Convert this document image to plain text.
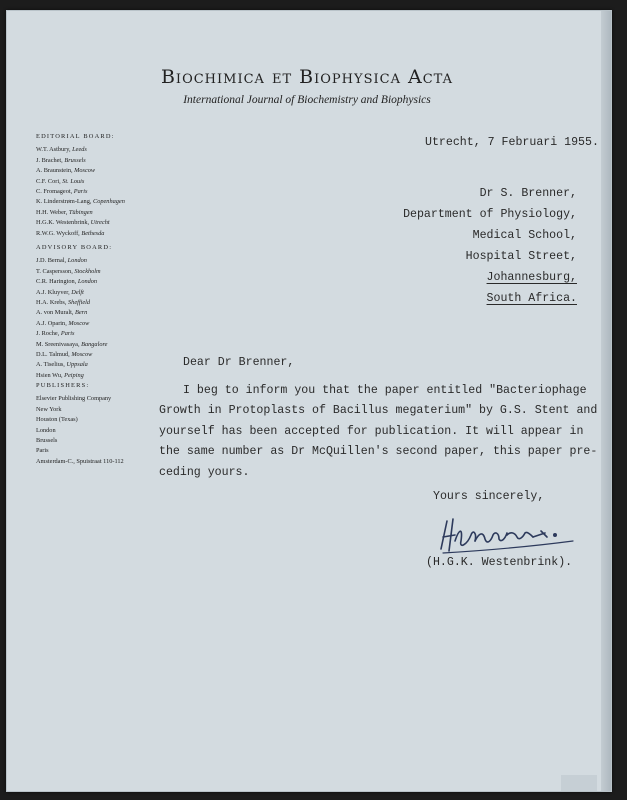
Biochimica et Biophysica Acta
International Journal of Biochemistry and Biophysics
EDITORIAL BOARD:
W.T. Astbury, Leeds
J. Brachet, Brussels
A. Braunstein, Moscow
C.F. Cori, St. Louis
C. Fromageot, Paris
K. Linderstrøm-Lang, Copenhagen
H.H. Weber, Tübingen
H.G.K. Westenbrink, Utrecht
R.W.G. Wyckoff, Bethesda
ADVISORY BOARD:
J.D. Bernal, London
T. Caspersson, Stockholm
C.R. Harington, London
A.J. Kluyver, Delft
H.A. Krebs, Sheffield
A. von Muralt, Bern
A.J. Oparin, Moscow
J. Roche, Paris
M. Sreenivasaya, Bangalore
D.L. Talmud, Moscow
A. Tiselius, Uppsala
Hsien Wu, Peiping
PUBLISHERS:
Elsevier Publishing Company
New York
Houston (Texas)
London
Brussels
Paris
Amsterdam-C., Spuistraat 110-112
Utrecht, 7 Februari 1955.
Dr S. Brenner,
Department of Physiology,
Medical School,
Hospital Street,
Johannesburg,
South Africa.
Dear Dr Brenner,
I beg to inform you that the paper entitled "Bacteriophage
Growth in Protoplasts of Bacillus megaterium" by G.S. Stent and
yourself has been accepted for publication. It will appear in
the same number as Dr McQuillen's second paper, this paper pre-
ceding yours.
Yours sincerely,
(H.G.K. Westenbrink).
